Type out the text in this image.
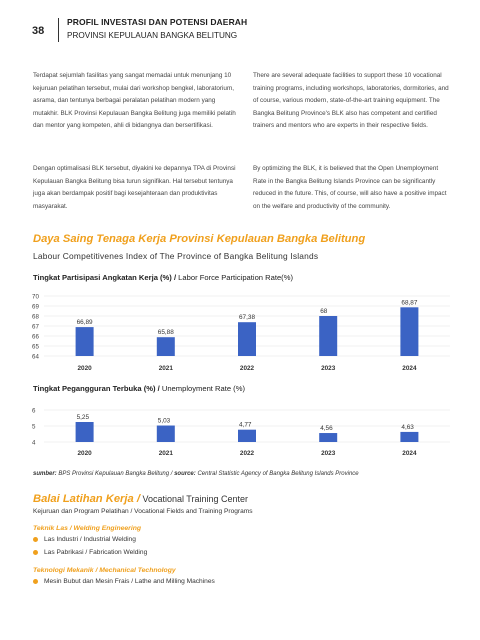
38
PROFIL INVESTASI DAN POTENSI DAERAH
PROVINSI KEPULAUAN BANGKA BELITUNG
Terdapat sejumlah fasilitas yang sangat memadai untuk menunjang 10 kejuruan pelatihan tersebut, mulai dari workshop bengkel, laboratorium, asrama, dan tentunya berbagai peralatan pelatihan modern yang mutakhir. BLK Provinsi Kepulauan Bangka Belitung juga memiliki pelatih dan mentor yang kompeten, ahli di bidangnya dan bersertifikasi.
There are several adequate facilities to support these 10 vocational training programs, including workshops, laboratories, dormitories, and of course, various modern, state-of-the-art training equipment. The Bangka Belitung Province's BLK also has competent and certified trainers and mentors who are experts in their respective fields.
Dengan optimalisasi BLK tersebut, diyakini ke depannya TPA di Provinsi Kepulauan Bangka Belitung bisa turun signifikan. Hal tersebut tentunya juga akan berdampak positif bagi kesejahteraan dan produktivitas masyarakat.
By optimizing the BLK, it is believed that the Open Unemployment Rate in the Bangka Belitung Islands Province can be significantly reduced in the future. This, of course, will also have a positive impact on the welfare and productivity of the community.
Daya Saing Tenaga Kerja Provinsi Kepulauan Bangka Belitung
Labour Competitivenes Index of The Province of Bangka Belitung Islands
Tingkat Partisipasi Angkatan Kerja (%) / Labor Force Participation Rate(%)
64
65
66
67
68
69
70
66,89
2020
65,88
2021
67,38
2022
68
2023
68,87
2024
Tingkat Pegangguran Terbuka (%) / Unemployment Rate (%)
4
5
6
5,25
2020
5,03
2021
4,77
2022
4,56
2023
4,63
2024
sumber: BPS Provinsi Kepulauan Bangka Belitung / source: Central Statistic Agency of Bangka Belitung Islands Province
Balai Latihan Kerja / Vocational Training Center
Kejuruan dan Program Pelatihan / Vocational Fields and Training Programs
Teknik Las / Welding Engineering
Las Industri / Industrial Welding
Las Pabrikasi / Fabrication Welding
Teknologi Mekanik / Mechanical Technology
Mesin Bubut dan Mesin Frais / Lathe and Milling Machines
